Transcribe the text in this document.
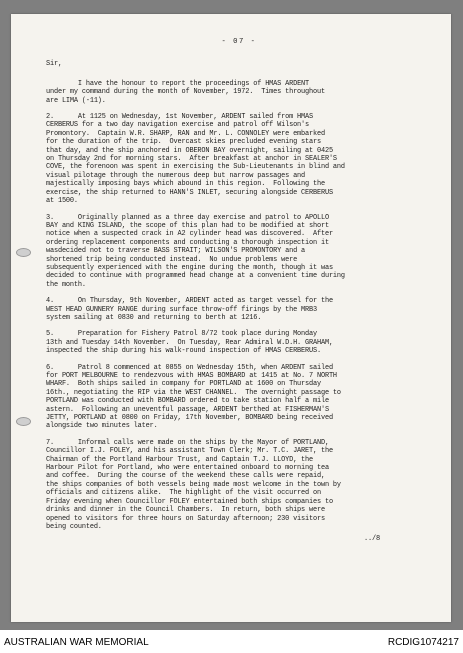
- 07 -
Sir,
I have the honour to report the proceedings of HMAS ARDENT
under my command during the month of November, 1972.  Times throughout
are LIMA (-11).
2.      At 1125 on Wednesday, 1st November, ARDENT sailed from HMAS
CERBERUS for a two day navigation exercise and patrol off Wilson's
Promontory.  Captain W.R. SHARP, RAN and Mr. L. CONNOLEY were embarked
for the duration of the trip.  Overcast skies precluded evening stars
that day, and the ship anchored in OBERON BAY overnight, sailing at 0425
on Thursday 2nd for morning stars.  After breakfast at anchor in SEALER'S
COVE, the forenoon was spent in exercising the Sub-Lieutenants in blind and
visual pilotage through the numerous deep but narrow passages and
majestically imposing bays which abound in this region.  Following the
exercise, the ship returned to HANN'S INLET, securing alongside CERBERUS
at 1500.
3.      Originally planned as a three day exercise and patrol to APOLLO
BAY and KING ISLAND, the scope of this plan had to be modified at short
notice when a suspected crack in A2 cylinder head was discovered.  After
ordering replacement components and conducting a thorough inspection it
wasdecided not to traverse BASS STRAIT; WILSON'S PROMONTORY and a
shortened trip being conducted instead.  No undue problems were
subsequently experienced with the engine during the month, though it was
decided to continue with programmed head change at a convenient time during
the month.
4.      On Thursday, 9th November, ARDENT acted as target vessel for the
WEST HEAD GUNNERY RANGE during surface throw-off firings by the MRB3
system sailing at 0830 and returning to berth at 1216.
5.      Preparation for Fishery Patrol 8/72 took place during Monday
13th and Tuesday 14th November.  On Tuesday, Rear Admiral W.D.H. GRAHAM,
inspected the ship during his walk-round inspection of HMAS CERBERUS.
6.      Patrol 8 commenced at 0855 on Wednesday 15th, when ARDENT sailed
for PORT MELBOURNE to rendezvous with HMAS BOMBARD at 1415 at No. 7 NORTH
WHARF.  Both ships sailed in company for PORTLAND at 1600 on Thursday
16th., negotiating the RIP via the WEST CHANNEL.  The overnight passage to
PORTLAND was conducted with BOMBARD ordered to take station half a mile
astern.  Following an uneventful passage, ARDENT berthed at FISHERMAN'S
JETTY, PORTLAND at 0800 on Friday, 17th November, BOMBARD being received
alongside two minutes later.
7.      Informal calls were made on the ships by the Mayor of PORTLAND,
Councillor I.J. FOLEY, and his assistant Town Clerk; Mr. T.C. JARET, the
Chairman of the Portland Harbour Trust, and Captain T.J. LLOYD, the
Harbour Pilot for Portland, who were entertained onboard to morning tea
and coffee.  During the course of the weekend these calls were repaid,
the ships companies of both vessels being made most welcome in the town by
officials and citizens alike.  The highlight of the visit occurred on
Friday evening when Councillor FOLEY entertained both ships companies to
drinks and dinner in the Council Chambers.  In return, both ships were
opened to visitors for three hours on Saturday afternoon; 230 visitors
being counted.
../8
AUSTRALIAN WAR MEMORIAL	RCDIG1074217
